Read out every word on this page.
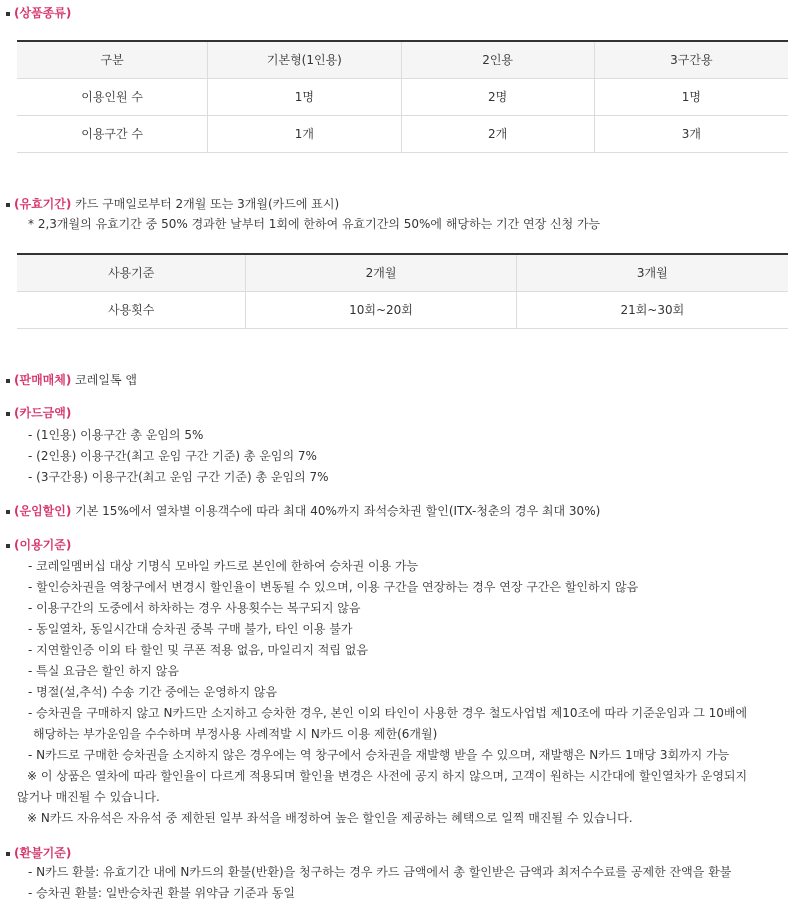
(상품종류)
구분	기본형(1인용)	2인용	3구간용
이용인원 수	1명	2명	1명
이용구간 수	1개	2개	3개
(유효기간) 카드 구매일로부터 2개월 또는 3개월(카드에 표시)
* 2,3개월의 유효기간 중 50% 경과한 날부터 1회에 한하여 유효기간의 50%에 해당하는 기간 연장 신청 가능
사용기준	2개월	3개월
사용횟수	10회~20회	21회~30회
(판매매체) 코레일톡 앱
(카드금액)
- (1인용) 이용구간 총 운임의 5%
- (2인용) 이용구간(최고 운임 구간 기준) 총 운임의 7%
- (3구간용) 이용구간(최고 운임 구간 기준) 총 운임의 7%
(운임할인) 기본 15%에서 열차별 이용객수에 따라 최대 40%까지 좌석승차권 할인(ITX-청춘의 경우 최대 30%)
(이용기준)
- 코레일멤버십 대상 기명식 모바일 카드로 본인에 한하여 승차권 이용 가능
- 할인승차권을 역창구에서 변경시 할인율이 변동될 수 있으며, 이용 구간을 연장하는 경우 연장 구간은 할인하지 않음
- 이용구간의 도중에서 하차하는 경우 사용횟수는 복구되지 않음
- 동일열차, 동일시간대 승차권 중복 구매 불가, 타인 이용 불가
- 지연할인증 이외 타 할인 및 쿠폰 적용 없음, 마일리지 적립 없음
- 특실 요금은 할인 하지 않음
- 명절(설,추석) 수송 기간 중에는 운영하지 않음
- 승차권을 구매하지 않고 N카드만 소지하고 승차한 경우, 본인 이외 타인이 사용한 경우 철도사업법 제10조에 따라 기준운임과 그 10배에
해당하는 부가운임을 수수하며 부정사용 사례적발 시 N카드 이용 제한(6개월)
- N카드로 구매한 승차권을 소지하지 않은 경우에는 역 창구에서 승차권을 재발행 받을 수 있으며, 재발행은 N카드 1매당 3회까지 가능
※ 이 상품은 열차에 따라 할인율이 다르게 적용되며 할인율 변경은 사전에 공지 하지 않으며, 고객이 원하는 시간대에 할인열차가 운영되지
않거나 매진될 수 있습니다.
※ N카드 자유석은 자유석 중 제한된 일부 좌석을 배정하여 높은 할인을 제공하는 혜택으로 일찍 매진될 수 있습니다.
(환불기준)
- N카드 환불: 유효기간 내에 N카드의 환불(반환)을 청구하는 경우 카드 금액에서 총 할인받은 금액과 최저수수료를 공제한 잔액을 환불
- 승차권 환불: 일반승차권 환불 위약금 기준과 동일
